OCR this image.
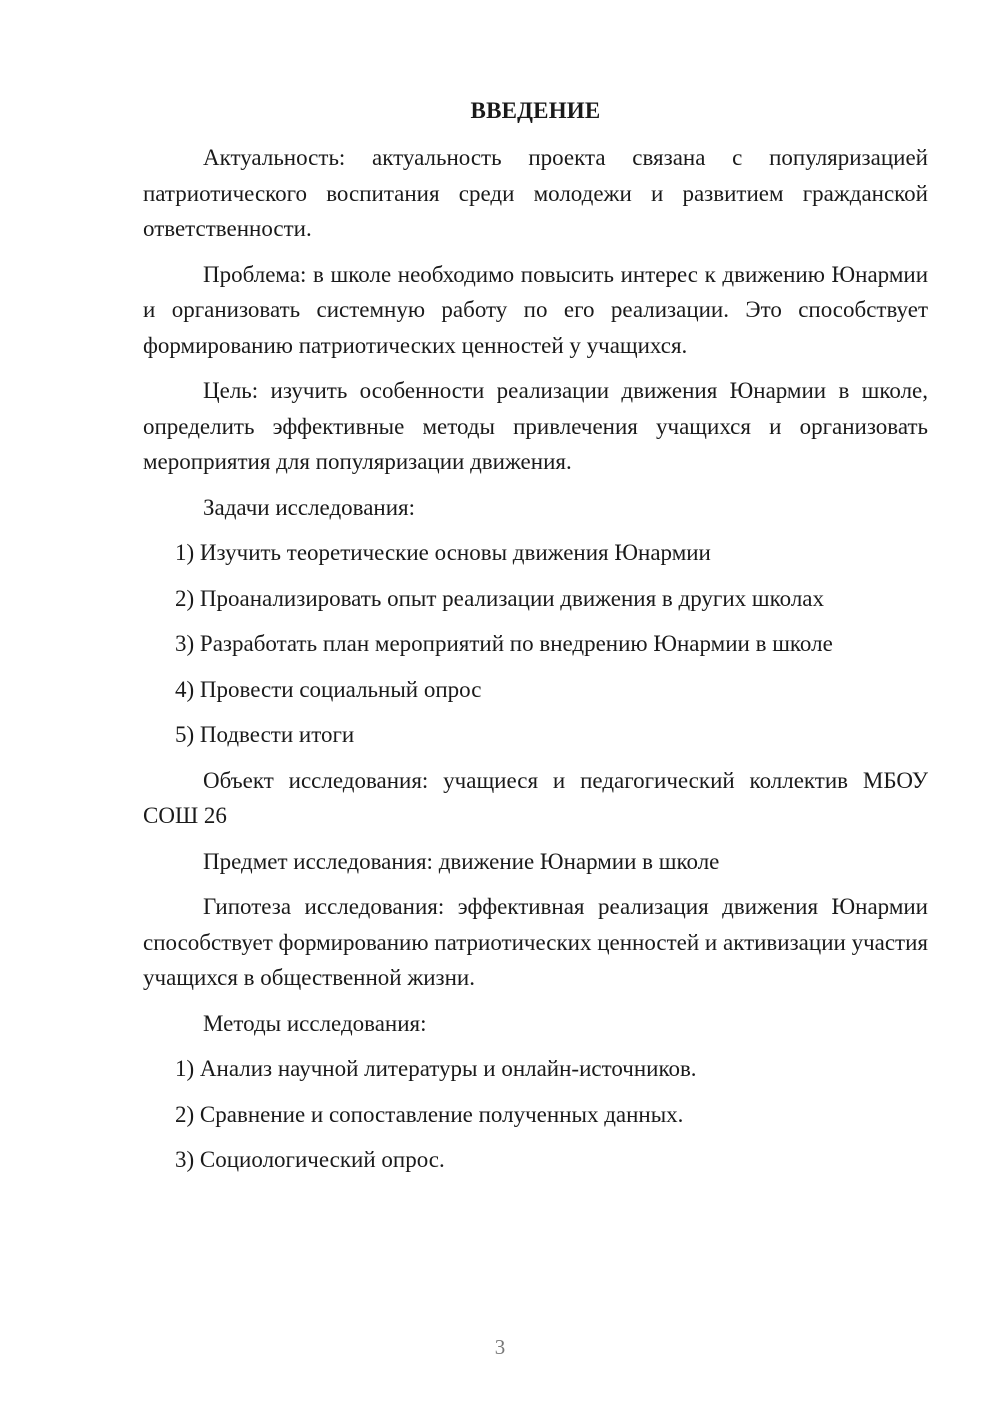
ВВЕДЕНИЕ

Актуальность: актуальность проекта связана с популяризацией патриотического воспитания среди молодежи и развитием гражданской ответственности.

Проблема: в школе необходимо повысить интерес к движению Юнармии и организовать системную работу по его реализации. Это способствует формированию патриотических ценностей у учащихся.

Цель: изучить особенности реализации движения Юнармии в школе, определить эффективные методы привлечения учащихся и организовать мероприятия для популяризации движения.

Задачи исследования:

1) Изучить теоретические основы движения Юнармии
2) Проанализировать опыт реализации движения в других школах
3) Разработать план мероприятий по внедрению Юнармии в школе
4) Провести социальный опрос
5) Подвести итоги

Объект исследования: учащиеся и педагогический коллектив МБОУ СОШ 26

Предмет исследования: движение Юнармии в школе

Гипотеза исследования: эффективная реализация движения Юнармии способствует формированию патриотических ценностей и активизации участия учащихся в общественной жизни.

Методы исследования:

1) Анализ научной литературы и онлайн-источников.
2) Сравнение и сопоставление полученных данных.
3) Социологический опрос.
3
